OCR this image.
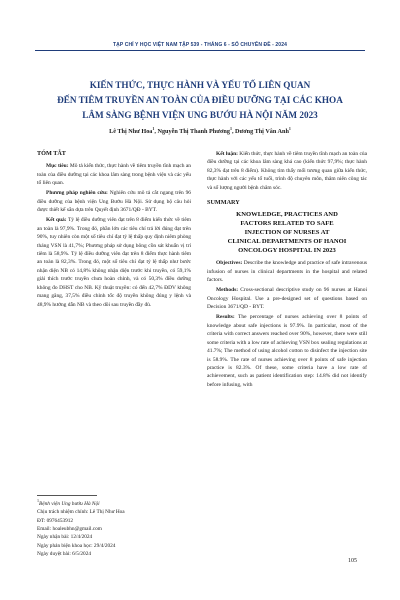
TẠP CHÍ Y HỌC VIỆT NAM TẬP 539 - THÁNG 6 - SỐ CHUYÊN ĐỀ - 2024
KIẾN THỨC, THỰC HÀNH VÀ YẾU TỐ LIÊN QUAN
ĐẾN TIÊM TRUYỀN AN TOÀN CỦA ĐIỀU DƯỠNG TẠI CÁC KHOA
LÂM SÀNG BỆNH VIỆN UNG BƯỚU HÀ NỘI NĂM 2023
Lê Thị Như Hoa$^1$, Nguyễn Thị Thanh Phương$^1$, Dương Thị Vân Anh$^1$
TÓM TẮT

Mục tiêu: Mô tả kiến thức, thực hành về tiêm truyền tĩnh mạch an toàn của điều dưỡng tại các khoa lâm sàng trong bệnh viện và các yếu tố liên quan.

Phương pháp nghiên cứu: Nghiên cứu mô tả cắt ngang trên 96 điều dưỡng của bệnh viện Ung Bướu Hà Nội. Sử dụng bộ câu hỏi được thiết kế sẵn dựa trên Quyết định 3671/QĐ - BYT.

Kết quả: Tỷ lệ điều dưỡng viên đạt trên 8 điểm kiến thức về tiêm an toàn là 97,9%. Trong đó, phần lớn các tiêu chí trả lời đúng đạt trên 90%, tuy nhiên còn một số tiêu chí đạt tỷ lệ thấp quy định niêm phòng tháng VSN là 41,7%; Phương pháp sử dụng bông cồn sát khuẩn vị trí tiêm là 58,9%. Tỷ lệ điều dưỡng viên đạt trên 8 điểm thực hành tiêm an toàn là 82,3%. Trong đó, một số tiêu chí đạt tỷ lệ thấp như bước nhận diện NB có 14,8% không nhận diện trước khi truyền, có 59,1% giải thích trước truyền chưa hoàn chỉnh, và có 50,3% điều dưỡng không đo DHST cho NB. Kỹ thuật truyền: có đến 42,7% ĐDV không mang găng, 37,5% điều chỉnh tốc độ truyền không đúng y lệnh và 48,9% hướng dẫn NB và theo dõi sau truyền đầy đủ.

$^1$Bệnh viện Ung bướu Hà Nội
Chịu trách nhiệm chính: Lê Thị Như Hoa
ĐT: 0976453912
Email: hoaleubhn@gmail.com
Ngày nhận bài: 12/4/2024
Ngày phản biện khoa học: 29/4/2024
Ngày duyệt bài: 6/5/2024

Kết luận: Kiến thức, thực hành về tiêm truyền tĩnh mạch an toàn của điều dưỡng tại các khoa lâm sàng khá cao (kiến thức 97,9%; thực hành 82,3% đạt trên 8 điểm). Không tìm thấy mối tương quan giữa kiến thức, thực hành với các yếu tố tuổi, trình độ chuyên môn, thâm niên công tác và số lượng người bệnh chăm sóc.

SUMMARY
KNOWLEDGE, PRACTICES AND
FACTORS RELATED TO SAFE
INJECTION OF NURSES AT
CLINICAL DEPARTMENTS OF HANOI
ONCOLOGY HOSPITAL IN 2023

Objectives: Describe the knowledge and practice of safe intravenous infusion of nurses in clinical departments in the hospital and related factors.

Methods: Cross-sectional descriptive study on 96 nurses at Hanoi Oncology Hospital. Use a pre-designed set of questions based on Decision 3671/QD - BYT.

Results: The percentage of nurses achieving over 8 points of knowledge about safe injections is 97.9%. In particular, most of the criteria with correct answers reached over 90%, however, there were still some criteria with a low rate of achieving VSN box sealing regulations at 41.7%; The method of using alcohol cotton to disinfect the injection site is 58.9%. The rate of nurses achieving over 8 points of safe injection practice is 82.3%. Of these, some criteria have a low rate of achievement, such as patient identification step: 14.8% did not identify before infusing, with

105
